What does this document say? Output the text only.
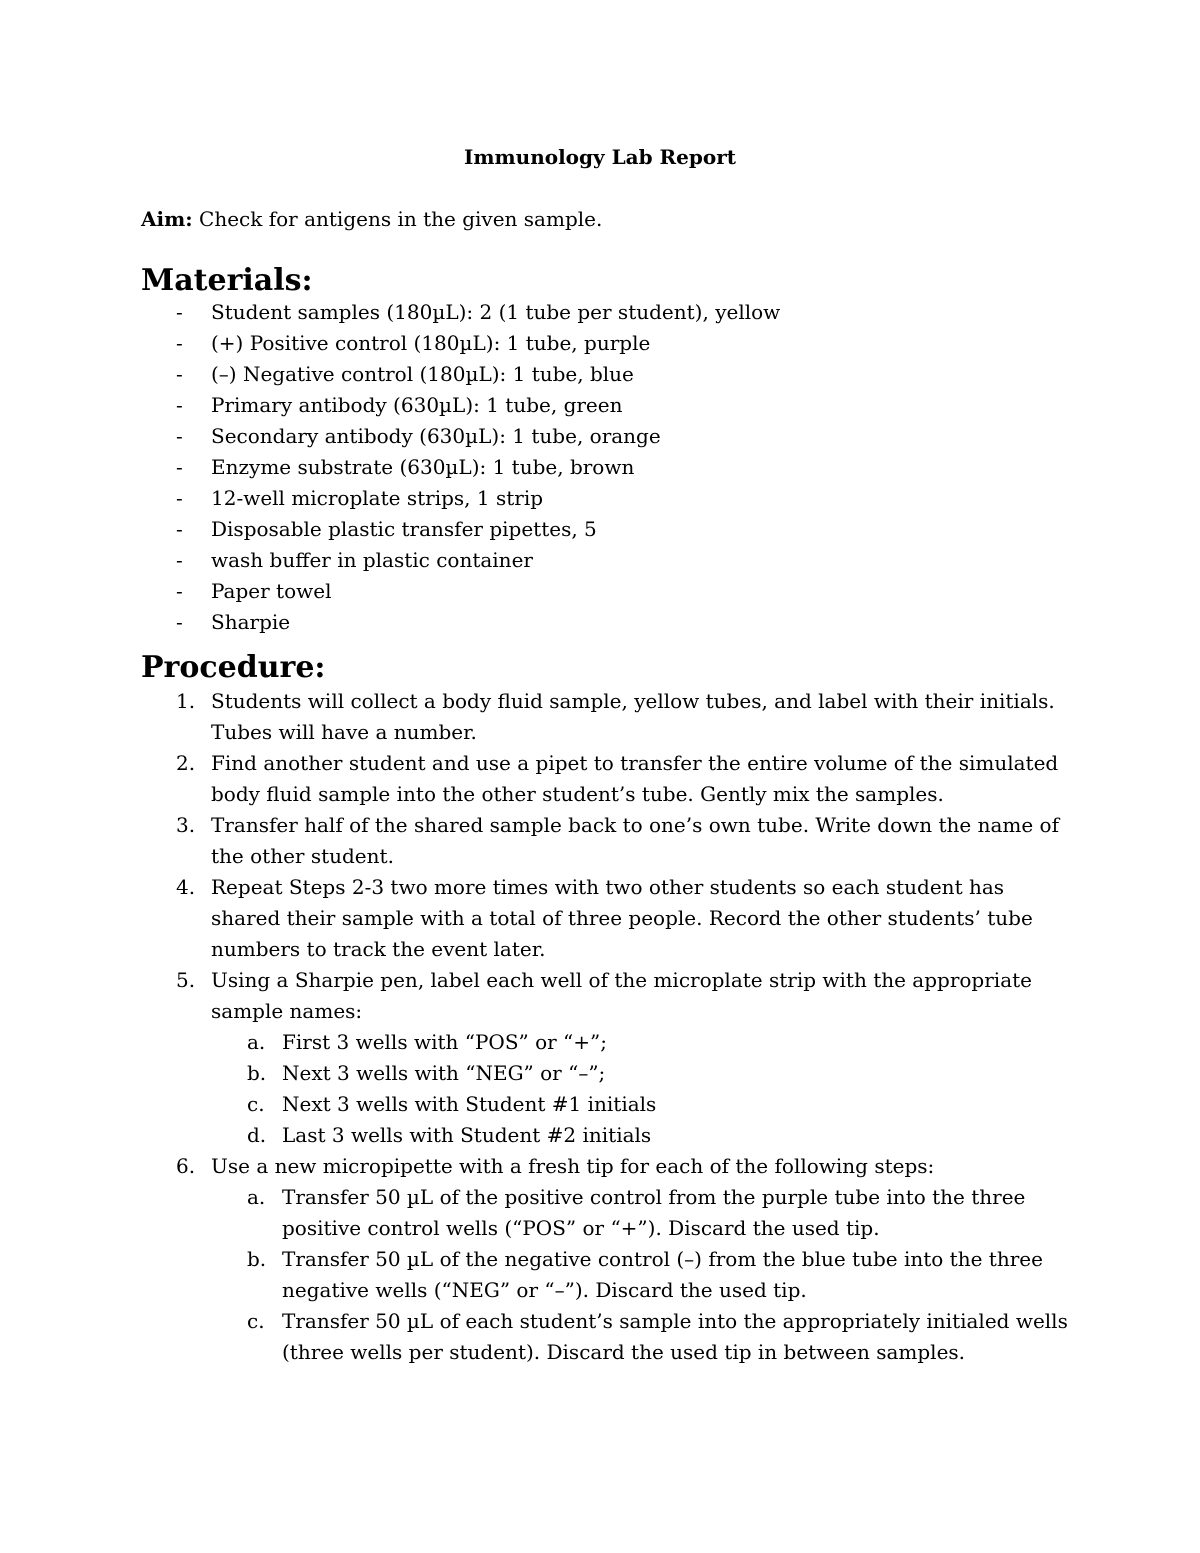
Immunology Lab Report

Aim: Check for antigens in the given sample.

Materials:
- Student samples (180µL): 2 (1 tube per student), yellow
- (+) Positive control (180µL): 1 tube, purple
- (–) Negative control (180µL): 1 tube, blue
- Primary antibody (630µL): 1 tube, green
- Secondary antibody (630µL): 1 tube, orange
- Enzyme substrate (630µL): 1 tube, brown
- 12-well microplate strips, 1 strip
- Disposable plastic transfer pipettes, 5
- wash buffer in plastic container
- Paper towel
- Sharpie
Procedure:
1. Students will collect a body fluid sample, yellow tubes, and label with their initials. Tubes will have a number.
2. Find another student and use a pipet to transfer the entire volume of the simulated body fluid sample into the other student’s tube. Gently mix the samples.
3. Transfer half of the shared sample back to one’s own tube. Write down the name of the other student.
4. Repeat Steps 2-3 two more times with two other students so each student has shared their sample with a total of three people. Record the other students’ tube numbers to track the event later.
5. Using a Sharpie pen, label each well of the microplate strip with the appropriate sample names:
a. First 3 wells with “POS” or “+”;
b. Next 3 wells with “NEG” or “–”;
c. Next 3 wells with Student #1 initials
d. Last 3 wells with Student #2 initials
6. Use a new micropipette with a fresh tip for each of the following steps:
a. Transfer 50 µL of the positive control from the purple tube into the three positive control wells (“POS” or “+”). Discard the used tip.
b. Transfer 50 µL of the negative control (–) from the blue tube into the three negative wells (“NEG” or “–”). Discard the used tip.
c. Transfer 50 µL of each student’s sample into the appropriately initialed wells (three wells per student). Discard the used tip in between samples.
